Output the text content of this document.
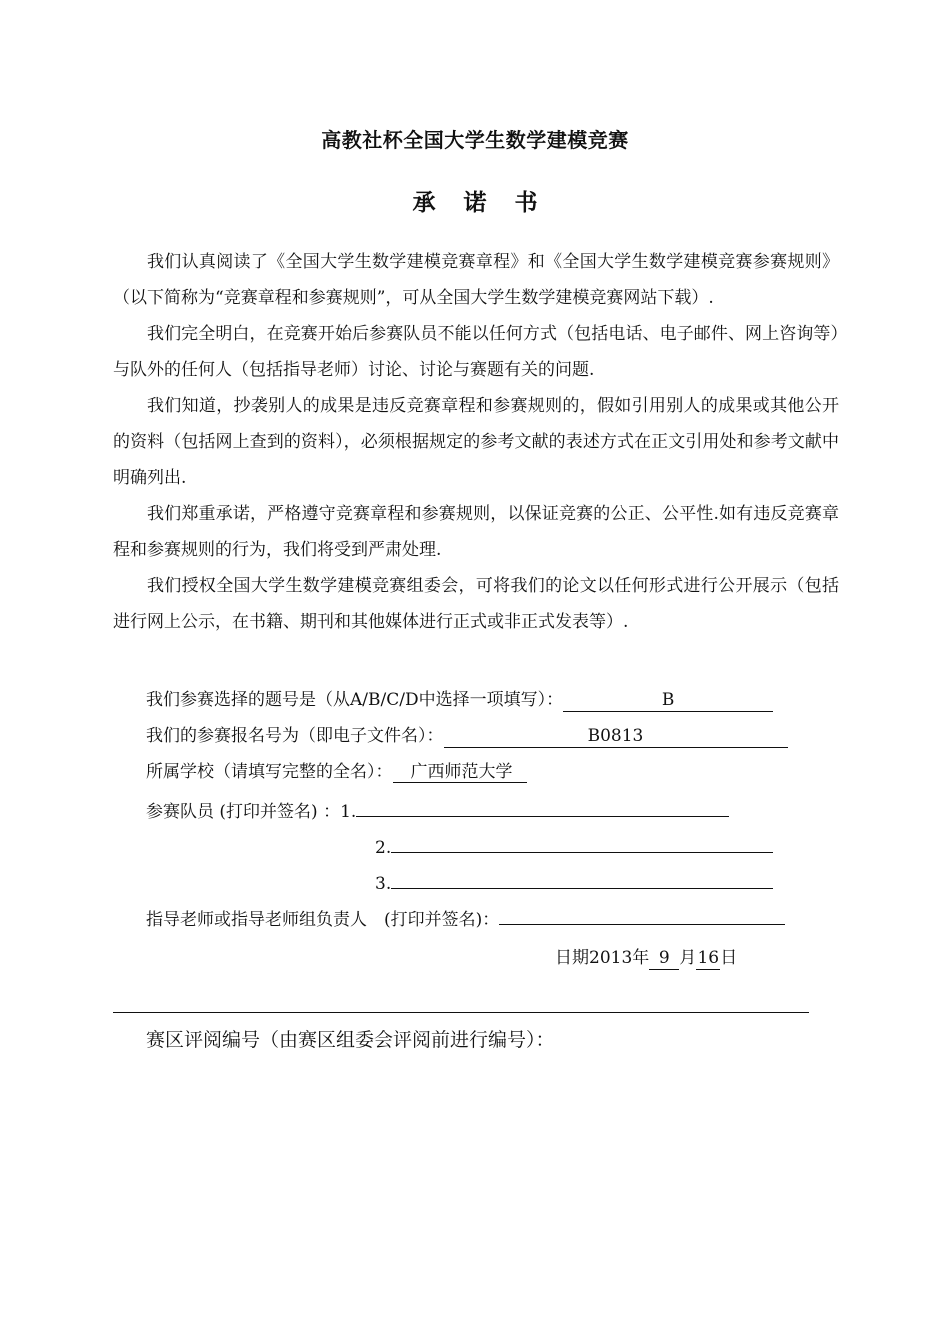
高教社杯全国大学生数学建模竞赛
承诺书

我们认真阅读了《全国大学生数学建模竞赛章程》和《全国大学生数学建模竞赛参赛规则》（以下简称为“竞赛章程和参赛规则”，可从全国大学生数学建模竞赛网站下载）.

我们完全明白，在竞赛开始后参赛队员不能以任何方式（包括电话、电子邮件、网上咨询等）与队外的任何人（包括指导老师）讨论、讨论与赛题有关的问题.

我们知道，抄袭别人的成果是违反竞赛章程和参赛规则的，假如引用别人的成果或其他公开的资料（包括网上查到的资料），必须根据规定的参考文献的表述方式在正文引用处和参考文献中明确列出.

我们郑重承诺，严格遵守竞赛章程和参赛规则，以保证竞赛的公正、公平性.如有违反竞赛章程和参赛规则的行为，我们将受到严肃处理.

我们授权全国大学生数学建模竞赛组委会，可将我们的论文以任何形式进行公开展示（包括进行网上公示，在书籍、期刊和其他媒体进行正式或非正式发表等）.

我们参赛选择的题号是（从A/B/C/D中选择一项填写）：	B
我们的参赛报名号为（即电子文件名）：	B0813
所属学校（请填写完整的全名）： 广西师范大学
参赛队员 (打印并签名) ：1.
2.
3.
指导老师或指导老师组负责人　(打印并签名)：
日期2013年 9 月16日
赛区评阅编号（由赛区组委会评阅前进行编号）：
